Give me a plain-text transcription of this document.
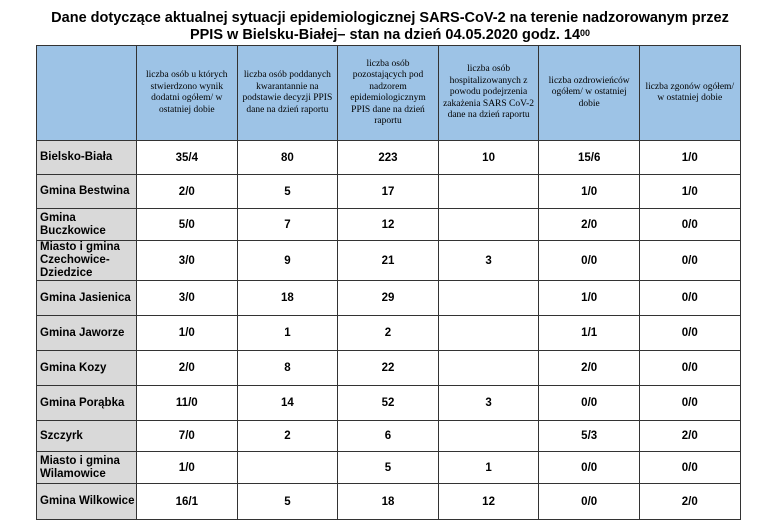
Dane dotyczące aktualnej sytuacji epidemiologicznej SARS-CoV-2 na terenie nadzorowanym przez
PPIS w Bielsku-Białej– stan na dzień 04.05.2020 godz. $14^{00}$
	liczba osób u których stwierdzono wynik dodatni ogółem/ w ostatniej dobie	liczba osób poddanych kwarantannie na podstawie decyzji PPIS dane na dzień raportu	liczba osób pozostających pod nadzorem epidemiologicznym PPIS dane na dzień raportu	liczba osób hospitalizowanych z powodu podejrzenia zakażenia SARS CoV-2 dane na dzień raportu	liczba ozdrowieńców ogółem/ w ostatniej dobie	liczba zgonów ogółem/ w ostatniej dobie
Bielsko-Biała	35/4	80	223	10	15/6	1/0
Gmina Bestwina	2/0	5	17		1/0	1/0
Gmina Buczkowice	5/0	7	12		2/0	0/0
Miasto i gmina Czechowice-Dziedzice	3/0	9	21	3	0/0	0/0
Gmina Jasienica	3/0	18	29		1/0	0/0
Gmina Jaworze	1/0	1	2		1/1	0/0
Gmina Kozy	2/0	8	22		2/0	0/0
Gmina Porąbka	11/0	14	52	3	0/0	0/0
Szczyrk	7/0	2	6		5/3	2/0
Miasto i gmina Wilamowice	1/0		5	1	0/0	0/0
Gmina Wilkowice	16/1	5	18	12	0/0	2/0
